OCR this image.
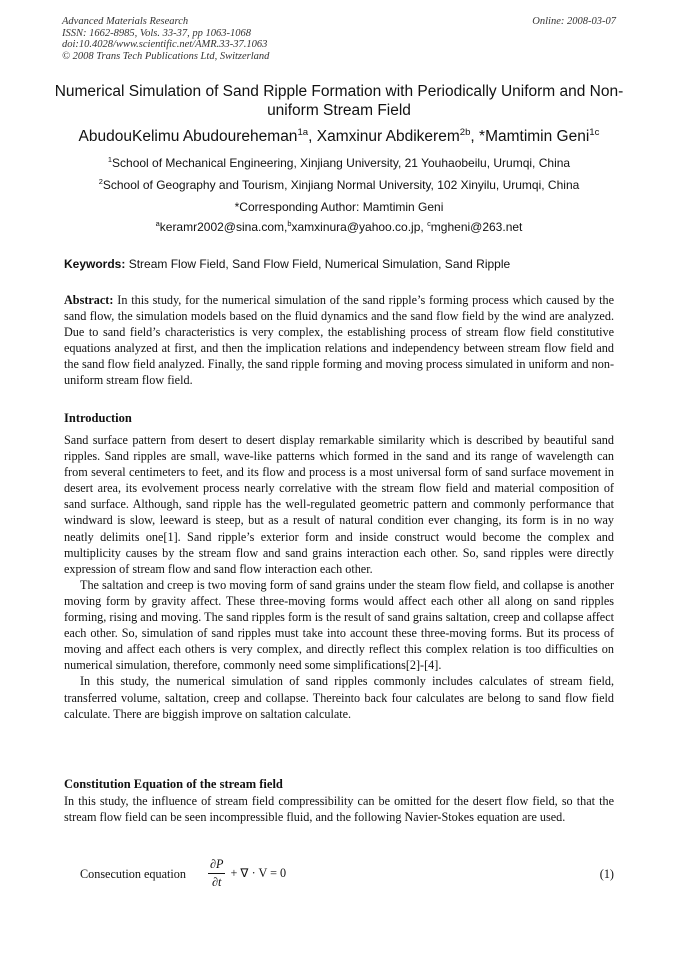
Advanced Materials Research
ISSN: 1662-8985, Vols. 33-37, pp 1063-1068
doi:10.4028/www.scientific.net/AMR.33-37.1063
© 2008 Trans Tech Publications Ltd, Switzerland
Online: 2008-03-07
Numerical Simulation of Sand Ripple Formation with Periodically Uniform and Non-uniform Stream Field
AbudouKelimu Abudoureheman$^{1a}$, Xamxinur Abdikerem$^{2b}$, *Mamtimin Geni$^{1c}$
$^1$School of Mechanical Engineering, Xinjiang University, 21 Youhaobeilu, Urumqi, China
$^2$School of Geography and Tourism, Xinjiang Normal University, 102 Xinyilu, Urumqi, China
*Corresponding Author: Mamtimin Geni
$^a$keramr2002@sina.com,$^b$xamxinura@yahoo.co.jp, $^c$mgheni@263.net
Keywords: Stream Flow Field, Sand Flow Field, Numerical Simulation, Sand Ripple

Abstract: In this study, for the numerical simulation of the sand ripple’s forming process which caused by the sand flow, the simulation models based on the fluid dynamics and the sand flow field by the wind are analyzed. Due to sand field’s characteristics is very complex, the establishing process of stream flow field constitutive equations analyzed at first, and then the implication relations and independency between stream flow field and the sand flow field analyzed. Finally, the sand ripple forming and moving process simulated in uniform and non-uniform stream flow field.

Introduction

Sand surface pattern from desert to desert display remarkable similarity which is described by beautiful sand ripples. Sand ripples are small, wave-like patterns which formed in the sand and its range of wavelength can from several centimeters to feet, and its flow and process is a most universal form of sand surface movement in desert area, its evolvement process nearly correlative with the stream flow field and material composition of sand surface. Although, sand ripple has the well-regulated geometric pattern and commonly performance that windward is slow, leeward is steep, but as a result of natural condition ever changing, its form is in no way neatly delimits one[1]. Sand ripple’s exterior form and inside construct would become the complex and multiplicity causes by the stream flow and sand grains interaction each other. So, sand ripples were directly expression of stream flow and sand flow interaction each other.

The saltation and creep is two moving form of sand grains under the steam flow field, and collapse is another moving form by gravity affect. These three-moving forms would affect each other all along on sand ripples forming, rising and moving. The sand ripples form is the result of sand grains saltation, creep and collapse affect each other. So, simulation of sand ripples must take into account these three-moving forms. But its process of moving and affect each others is very complex, and directly reflect this complex relation is too difficulties on numerical simulation, therefore, commonly need some simplifications[2]-[4].

In this study, the numerical simulation of sand ripples commonly includes calculates of stream field, transferred volume, saltation, creep and collapse. Thereinto back four calculates are belong to sand flow field calculate. There are biggish improve on saltation calculate.

Constitution Equation of the stream field

In this study, the influence of stream field compressibility can be omitted for the desert flow field, so that the stream flow field can be seen incompressible fluid, and the following Navier-Stokes equation are used.

Consecution equation $\frac{\partial P}{\partial t}$ + ∇ · V = 0	(1)
